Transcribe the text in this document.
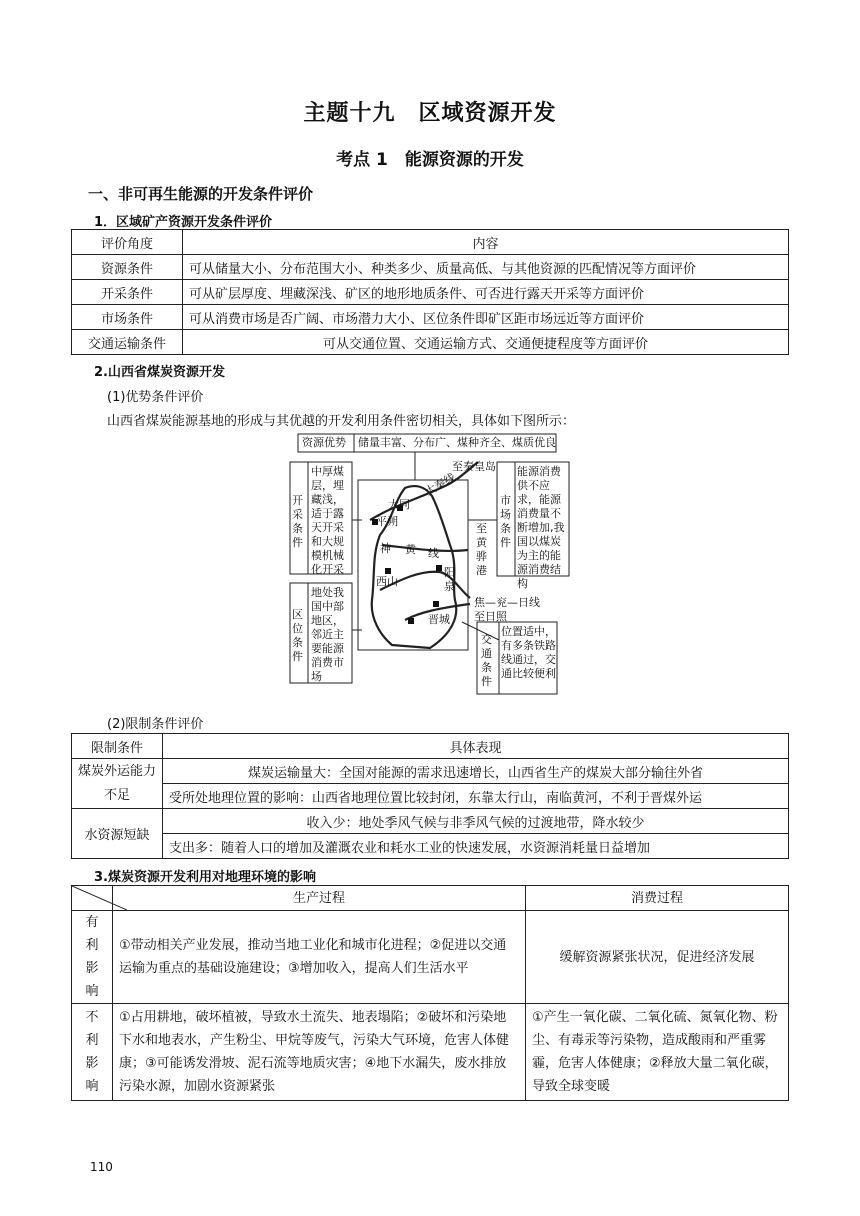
主题十九　区域资源开发
考点 1　能源资源的开发
一、非可再生能源的开发条件评价
1．区域矿产资源开发条件评价
评价角度	内容
资源条件	可从储量大小、分布范围大小、种类多少、质量高低、与其他资源的匹配情况等方面评价
开采条件	可从矿层厚度、埋藏深浅、矿区的地形地质条件、可否进行露天开采等方面评价
市场条件	可从消费市场是否广阔、市场潜力大小、区位条件即矿区距市场远近等方面评价
交通运输条件	可从交通位置、交通运输方式、交通便捷程度等方面评价
2.山西省煤炭资源开发
(1)优势条件评价
山西省煤炭能源基地的形成与其优越的开发利用条件密切相关，具体如下图所示：
资源优势 储量丰富、分布广、煤种齐全、煤质优良
开采条件
中厚煤层，埋藏浅，适于露天开采和大规模机械化开采
区位条件
地处我国中部地区，邻近主要能源消费市场
市场条件
能源消费供不应求，能源消费量不断增加,我国以煤炭为主的能源消费结构
交通条件
位置适中，有多条铁路线通过，交通比较便利
至秦皇岛
大秦线
大同
平朔
神 黄 线
至黄骅港
阳泉
西山
晋城
焦—兖—日线
至日照
(2)限制条件评价
限制条件	具体表现
煤炭外运能力不足	煤炭运输量大：全国对能源的需求迅速增长，山西省生产的煤炭大部分输往外省
	受所处地理位置的影响：山西省地理位置比较封闭，东靠太行山，南临黄河，不利于晋煤外运
水资源短缺	收入少：地处季风气候与非季风气候的过渡地带，降水较少
	支出多：随着人口的增加及灌溉农业和耗水工业的快速发展，水资源消耗量日益增加
3.煤炭资源开发利用对地理环境的影响
	生产过程	消费过程
有利影响	①带动相关产业发展，推动当地工业化和城市化进程；②促进以交通运输为重点的基础设施建设；③增加收入，提高人们生活水平	缓解资源紧张状况，促进经济发展
不利影响	①占用耕地，破坏植被，导致水土流失、地表塌陷；②破坏和污染地下水和地表水，产生粉尘、甲烷等废气，污染大气环境，危害人体健康；③可能诱发滑坡、泥石流等地质灾害；④地下水漏失，废水排放污染水源，加剧水资源紧张	①产生一氧化碳、二氧化硫、氮氧化物、粉尘、有毒汞等污染物，造成酸雨和严重雾霾，危害人体健康；②释放大量二氧化碳，导致全球变暖
110
